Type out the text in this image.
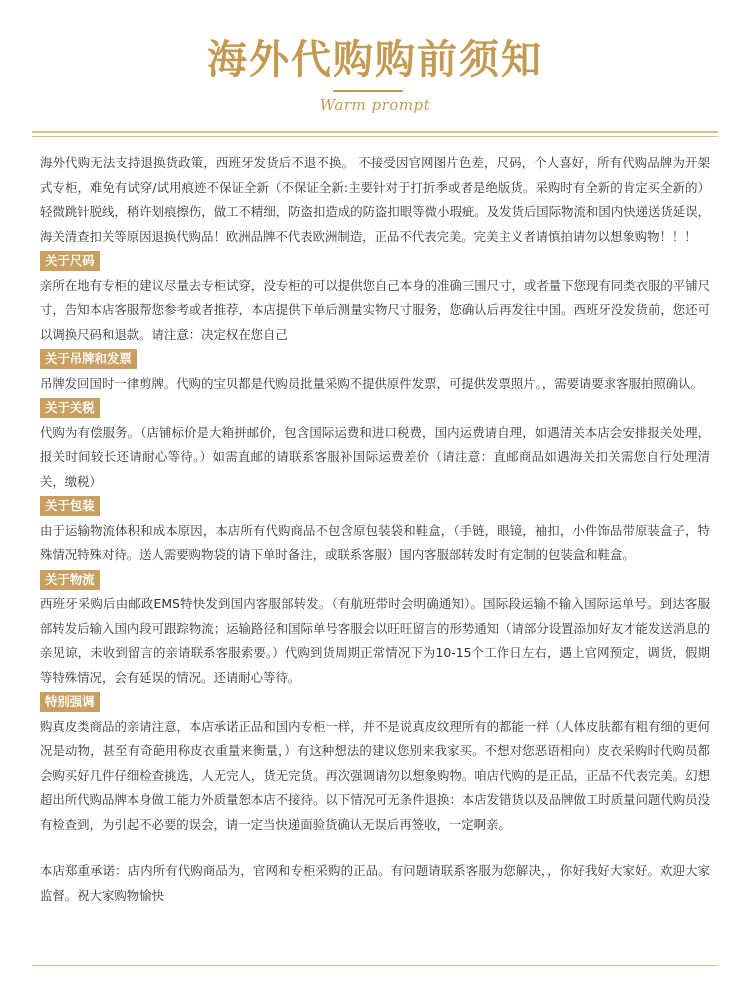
海外代购购前须知
Warm prompt

海外代购无法支持退换货政策，西班牙发货后不退不换。 不接受因官网图片色差，尺码，个人喜好，所有代购品牌为开架式专柜，难免有试穿/试用痕迹不保证全新（不保证全新:主要针对于打折季或者是绝版货。采购时有全新的肯定买全新的）轻微跳针脱线，稍许划痕擦伤，做工不精细，防盗扣造成的防盗扣眼等微小瑕疵。及发货后国际物流和国内快递送货延误，海关清查扣关等原因退换代购品！欧洲品牌不代表欧洲制造，正品不代表完美。完美主义者请慎拍请勿以想象购物！！！

关于尺码

亲所在地有专柜的建议尽量去专柜试穿，没专柜的可以提供您自己本身的准确三围尺寸，或者量下您现有同类衣服的平铺尺寸，告知本店客服帮您参考或者推荐，本店提供下单后测量实物尺寸服务，您确认后再发往中国。西班牙没发货前，您还可以调换尺码和退款。请注意：决定权在您自己

关于吊牌和发票

吊牌发回国时一律剪牌。代购的宝贝都是代购员批量采购不提供原件发票，可提供发票照片。，需要请要求客服拍照确认。

关于关税

代购为有偿服务。（店铺标价是大箱拼邮价，包含国际运费和进口税费，国内运费请自理，如遇清关本店会安排报关处理，报关时间较长还请耐心等待。）如需直邮的请联系客服补国际运费差价（请注意：直邮商品如遇海关扣关需您自行处理清关，缴税）

关于包装

由于运输物流体积和成本原因，本店所有代购商品不包含原包装袋和鞋盒，（手链，眼镜，袖扣，小件饰品带原装盒子，特殊情况特殊对待。送人需要购物袋的请下单时备注，或联系客服）国内客服部转发时有定制的包装盒和鞋盒。

关于物流

西班牙采购后由邮政EMS特快发到国内客服部转发。（有航班带时会明确通知）。国际段运输不输入国际运单号。到达客服部转发后输入国内段可跟踪物流；运输路径和国际单号客服会以旺旺留言的形势通知（请部分设置添加好友才能发送消息的亲见谅，未收到留言的亲请联系客服索要。）代购到货周期正常情况下为10-15个工作日左右，遇上官网预定，调货，假期等特殊情况，会有延误的情况。还请耐心等待。

特别强调

购真皮类商品的亲请注意，本店承诺正品和国内专柜一样，并不是说真皮纹理所有的都能一样（人体皮肤都有粗有细的更何况是动物，甚至有奇葩用称皮衣重量来衡量，）有这种想法的建议您别来我家买。不想对您恶语相向）皮衣采购时代购员都会购买好几件仔细检查挑选，人无完人，货无完货。再次强调请勿以想象购物。咱店代购的是正品，正品不代表完美。幻想超出所代购品牌本身做工能力外质量恕本店不接待。以下情况可无条件退换：本店发错货以及品牌做工时质量问题代购员没有检查到，为引起不必要的误会，请一定当快递面验货确认无误后再签收，一定啊亲。

本店郑重承诺：店内所有代购商品为，官网和专柜采购的正品。有问题请联系客服为您解决，，你好我好大家好。欢迎大家监督。祝大家购物愉快
